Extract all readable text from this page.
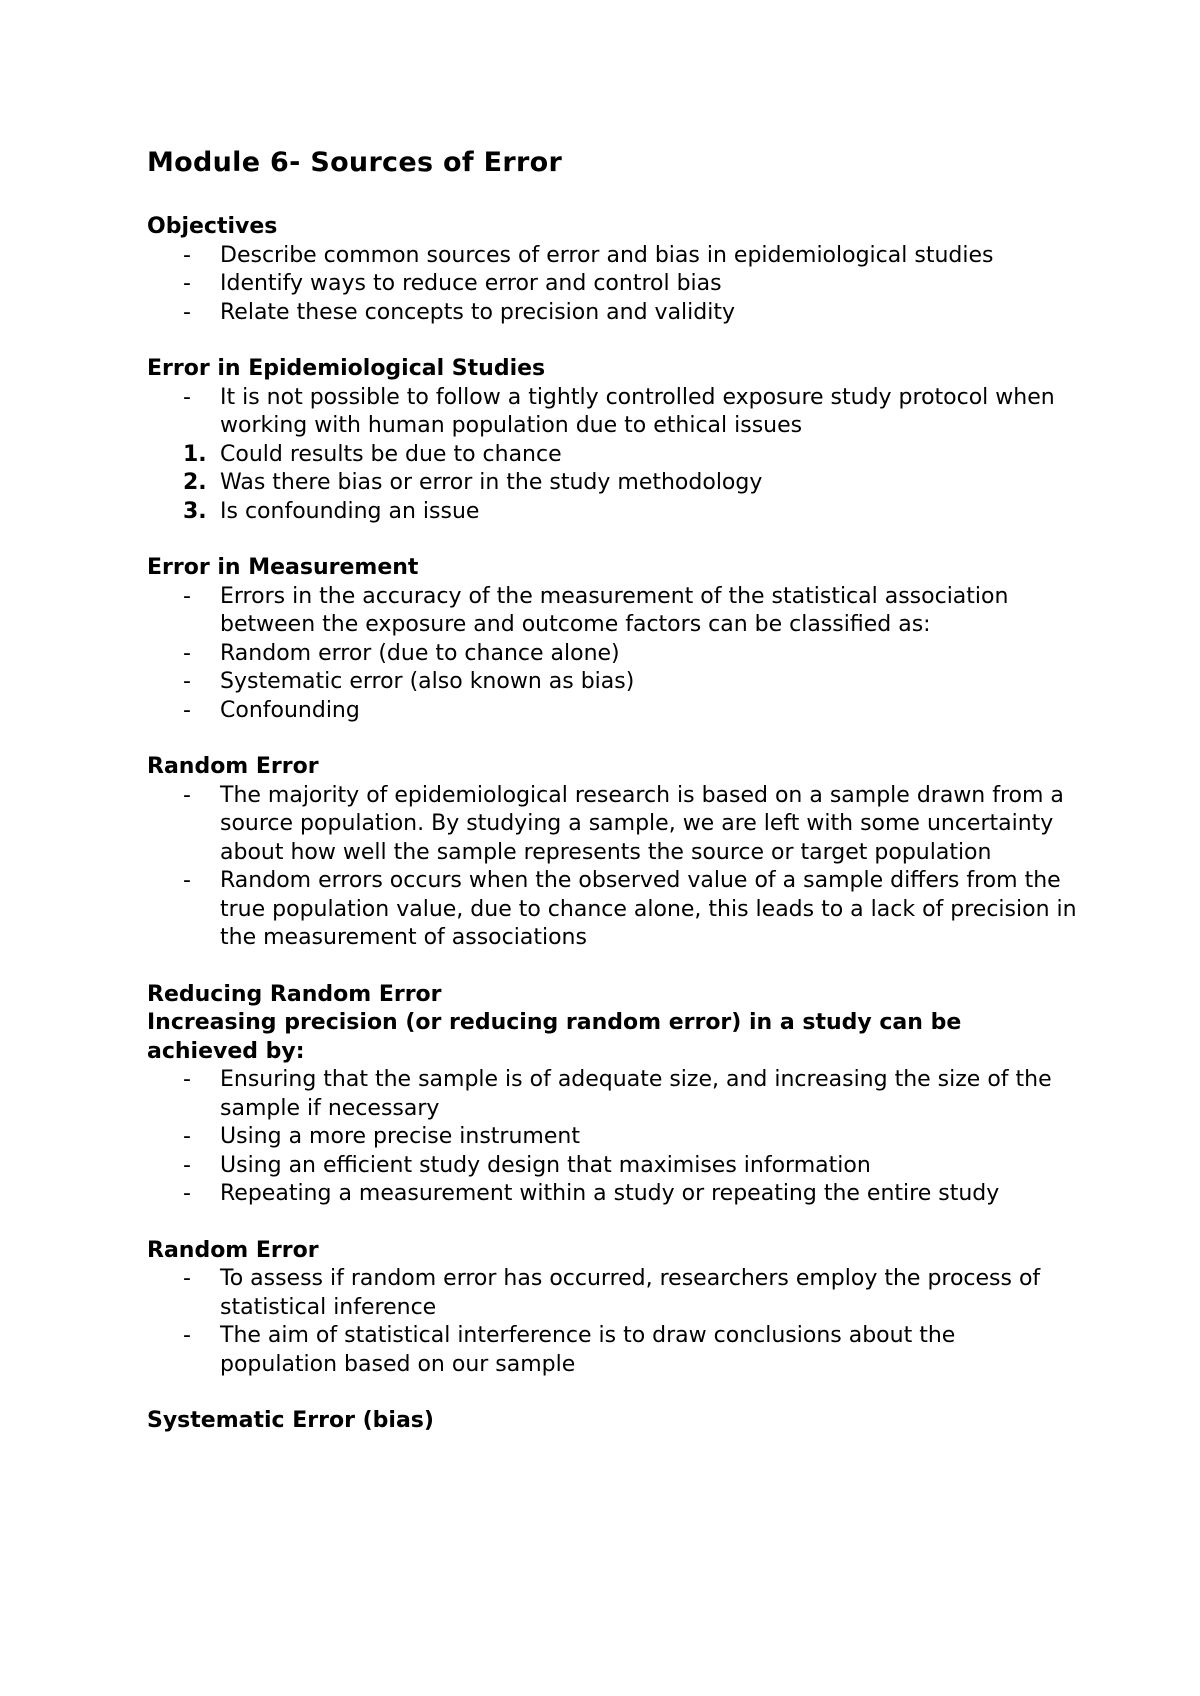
Module 6- Sources of Error
Objectives
- Describe common sources of error and bias in epidemiological studies
- Identify ways to reduce error and control bias
- Relate these concepts to precision and validity
Error in Epidemiological Studies
- It is not possible to follow a tightly controlled exposure study protocol when working with human population due to ethical issues
1. Could results be due to chance
2. Was there bias or error in the study methodology
3. Is confounding an issue
Error in Measurement
- Errors in the accuracy of the measurement of the statistical association between the exposure and outcome factors can be classified as:
- Random error (due to chance alone)
- Systematic error (also known as bias)
- Confounding
Random Error
- The majority of epidemiological research is based on a sample drawn from a source population. By studying a sample, we are left with some uncertainty about how well the sample represents the source or target population
- Random errors occurs when the observed value of a sample differs from the true population value, due to chance alone, this leads to a lack of precision in the measurement of associations
Reducing Random Error
Increasing precision (or reducing random error) in a study can be achieved by:
- Ensuring that the sample is of adequate size, and increasing the size of the sample if necessary
- Using a more precise instrument
- Using an efficient study design that maximises information
- Repeating a measurement within a study or repeating the entire study
Random Error
- To assess if random error has occurred, researchers employ the process of statistical inference
- The aim of statistical interference is to draw conclusions about the population based on our sample
Systematic Error (bias)
